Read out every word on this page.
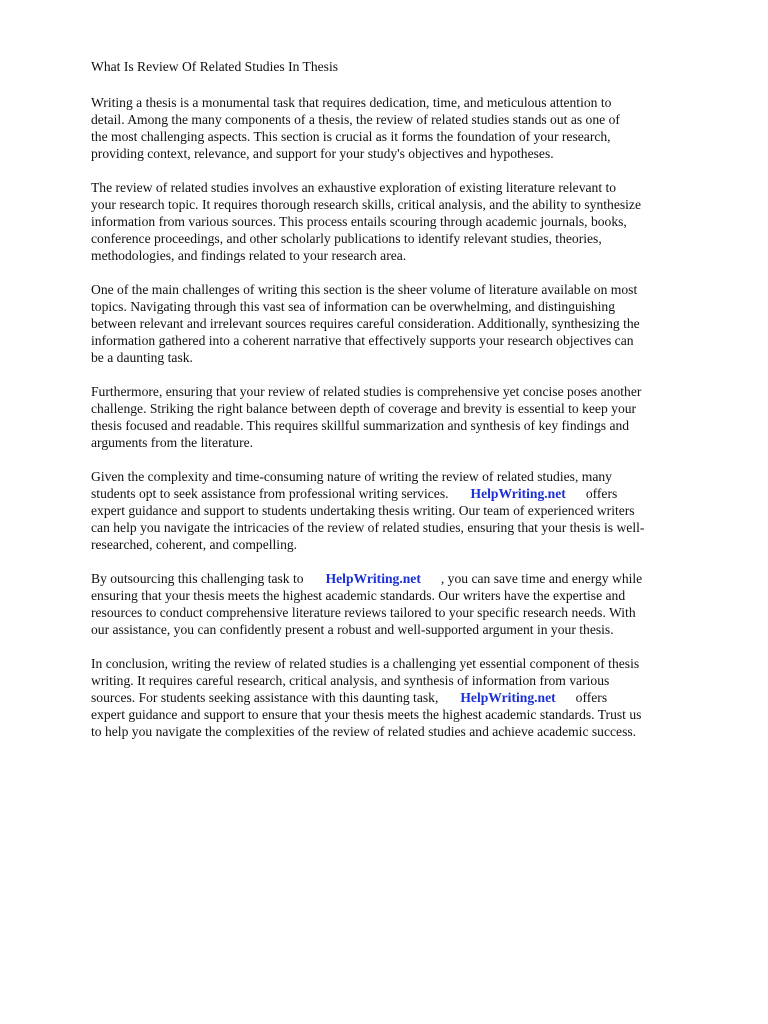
What Is Review Of Related Studies In Thesis
Writing a thesis is a monumental task that requires dedication, time, and meticulous attention to
detail. Among the many components of a thesis, the review of related studies stands out as one of
the most challenging aspects. This section is crucial as it forms the foundation of your research,
providing context, relevance, and support for your study's objectives and hypotheses.
The review of related studies involves an exhaustive exploration of existing literature relevant to
your research topic. It requires thorough research skills, critical analysis, and the ability to synthesize
information from various sources. This process entails scouring through academic journals, books,
conference proceedings, and other scholarly publications to identify relevant studies, theories,
methodologies, and findings related to your research area.
One of the main challenges of writing this section is the sheer volume of literature available on most
topics. Navigating through this vast sea of information can be overwhelming, and distinguishing
between relevant and irrelevant sources requires careful consideration. Additionally, synthesizing the
information gathered into a coherent narrative that effectively supports your research objectives can
be a daunting task.
Furthermore, ensuring that your review of related studies is comprehensive yet concise poses another
challenge. Striking the right balance between depth of coverage and brevity is essential to keep your
thesis focused and readable. This requires skillful summarization and synthesis of key findings and
arguments from the literature.
Given the complexity and time-consuming nature of writing the review of related studies, many
students opt to seek assistance from professional writing services. HelpWriting.net offers
expert guidance and support to students undertaking thesis writing. Our team of experienced writers
can help you navigate the intricacies of the review of related studies, ensuring that your thesis is well-
researched, coherent, and compelling.
By outsourcing this challenging task to HelpWriting.net , you can save time and energy while
ensuring that your thesis meets the highest academic standards. Our writers have the expertise and
resources to conduct comprehensive literature reviews tailored to your specific research needs. With
our assistance, you can confidently present a robust and well-supported argument in your thesis.
In conclusion, writing the review of related studies is a challenging yet essential component of thesis
writing. It requires careful research, critical analysis, and synthesis of information from various
sources. For students seeking assistance with this daunting task, HelpWriting.net offers
expert guidance and support to ensure that your thesis meets the highest academic standards. Trust us
to help you navigate the complexities of the review of related studies and achieve academic success.
